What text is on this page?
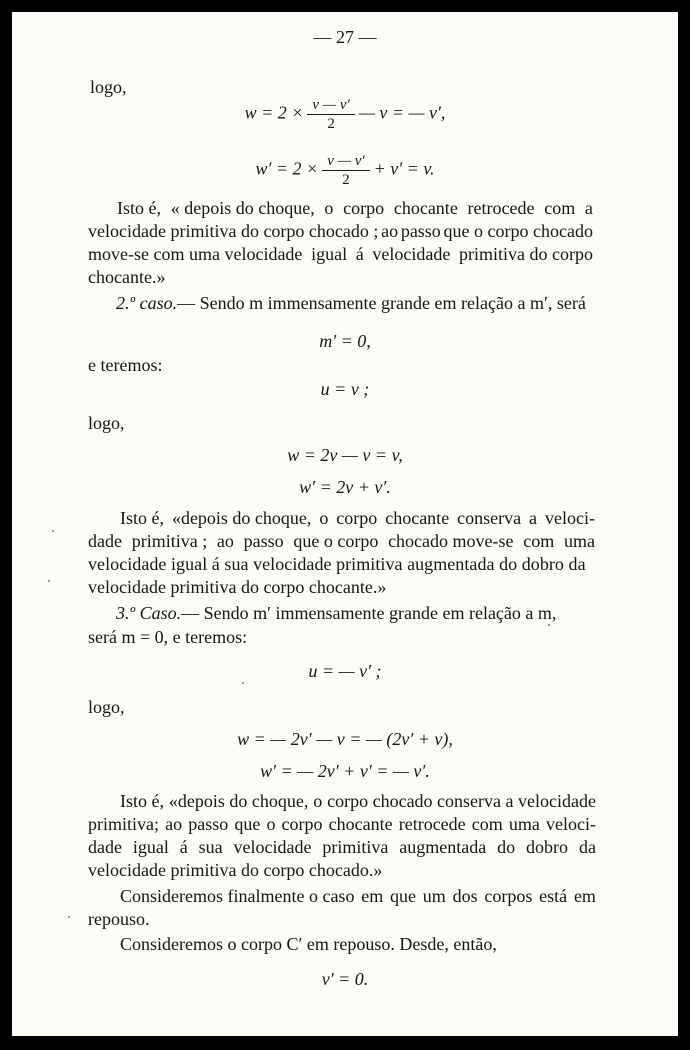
— 27 —
logo,
$w = 2 \times \frac{v — v'}{2}$ — v = — v′,
$w' = 2 \times \frac{v — v'}{2} + v' = v$.
Isto é, « depois do choque, o corpo chocante retrocede com a
velocidade primitiva do corpo chocado ; ao passo que o corpo chocado
move-se com uma velocidade igual á velocidade primitiva do corpo
chocante.»
2.º caso.— Sendo m immensamente grande em relação a m′, será
m′ = 0,
e teremos:
u = v ;
logo,
w = 2v — v = v,
w′ = 2v + v′.
Isto é, «depois do choque, o corpo chocante conserva a veloci-
dade primitiva ; ao passo que o corpo chocado move-se com uma
velocidade igual á sua velocidade primitiva augmentada do dobro da
velocidade primitiva do corpo chocante.»
3.º Caso.— Sendo m′ immensamente grande em relação a m,
será m = 0, e teremos:
u = — v′ ;
logo,
w = — 2v′ — v = — (2v′ + v),
w′ = — 2v′ + v′ = — v′.
Isto é, «depois do choque, o corpo chocado conserva a velocidade
primitiva; ao passo que o corpo chocante retrocede com uma veloci-
dade igual á sua velocidade primitiva augmentada do dobro da
velocidade primitiva do corpo chocado.»
Consideremos finalmente o caso em que um dos corpos está em
repouso.
Consideremos o corpo C′ em repouso. Desde, então,
v′ = 0.
